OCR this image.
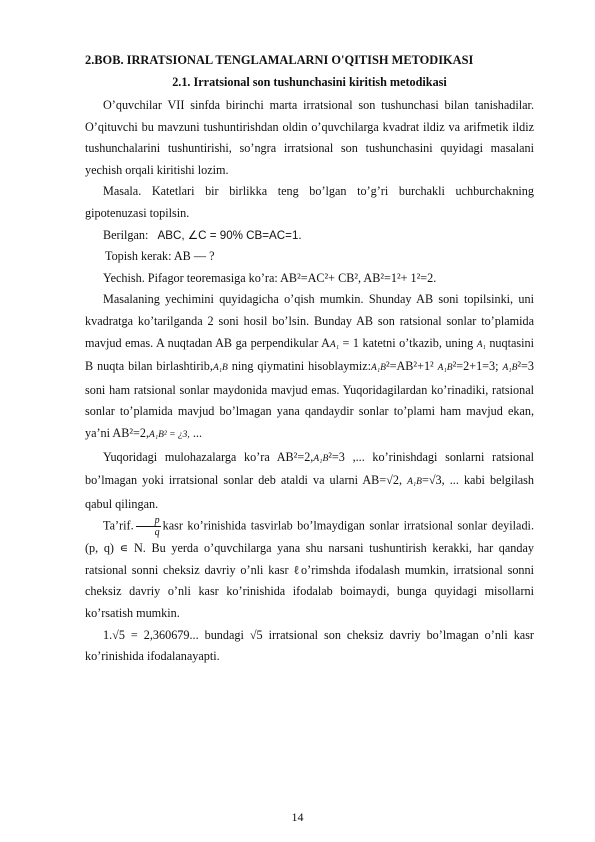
2.BOB. IRRATSIONAL TENGLAMALARNI O'QITISH METODIKASI

2.1. Irratsional son tushunchasini kiritish metodikasi

O’quvchilar VII sinfda birinchi marta irratsional son tushunchasi bilan tanishadilar. O’qituvchi bu mavzuni tushuntirishdan oldin o’quvchilarga kvadrat ildiz va arifmetik ildiz tushunchalarini tushuntirishi, so’ngra irratsional son tushunchasini quyidagi masalani yechish orqali kiritishi lozim.

Masala. Katetlari bir birlikka teng bo’lgan to’g’ri burchakli uchburchakning gipotenuzasi topilsin.

Berilgan: ABC, ∠C = 90% CB=AC=1.

Topish kerak: AB — ?

Yechish. Pifagor teoremasiga ko’ra: AB²=AC²+ CB², AB²=1²+ 1²=2.

Masalaning yechimini quyidagicha o’qish mumkin. Shunday AB soni topilsinki, uni kvadratga ko’tarilganda 2 soni hosil bo’lsin. Bunday AB son ratsional sonlar to’plamida mavjud emas. A nuqtadan AB ga perpendikular AA₁ = 1 katetni o’tkazib, uning A₁ nuqtasini B nuqta bilan birlashtirib,A₁B ning qiymatini hisoblaymiz:A₁B²=AB²+1² A₁B²=2+1=3; A₁B²=3 soni ham ratsional sonlar maydonida mavjud emas. Yuqoridagilardan ko’rinadiki, ratsional sonlar to’plamida mavjud bo’lmagan yana qandaydir sonlar to’plami ham mavjud ekan, ya’ni AB²=2,A₁B² = ¿3, ...

Yuqoridagi mulohazalarga ko’ra AB²=2,A₁B²=3 ,... ko’rinishdagi sonlarni ratsional bo’lmagan yoki irratsional sonlar deb ataldi va ularni AB=√2, A₁B=√3, ... kabi belgilash qabul qilingan.

Ta’rif. $\frac{p}{q}$ kasr ko’rinishida tasvirlab bo’lmaydigan sonlar irratsional sonlar deyiladi. (p, q) ∊ N. Bu yerda o’quvchilarga yana shu narsani tushuntirish kerakki, har qanday ratsional sonni cheksiz davriy o’nli kasr ℓo’rimshda ifodalash mumkin, irratsional sonni cheksiz davriy o’nli kasr ko’rinishida ifodalab boimaydi, bunga quyidagi misollarni ko’rsatish mumkin.

1.√5 = 2,360679... bundagi √5 irratsional son cheksiz davriy bo’lmagan o’nli kasr ko’rinishida ifodalanayapti.

14
